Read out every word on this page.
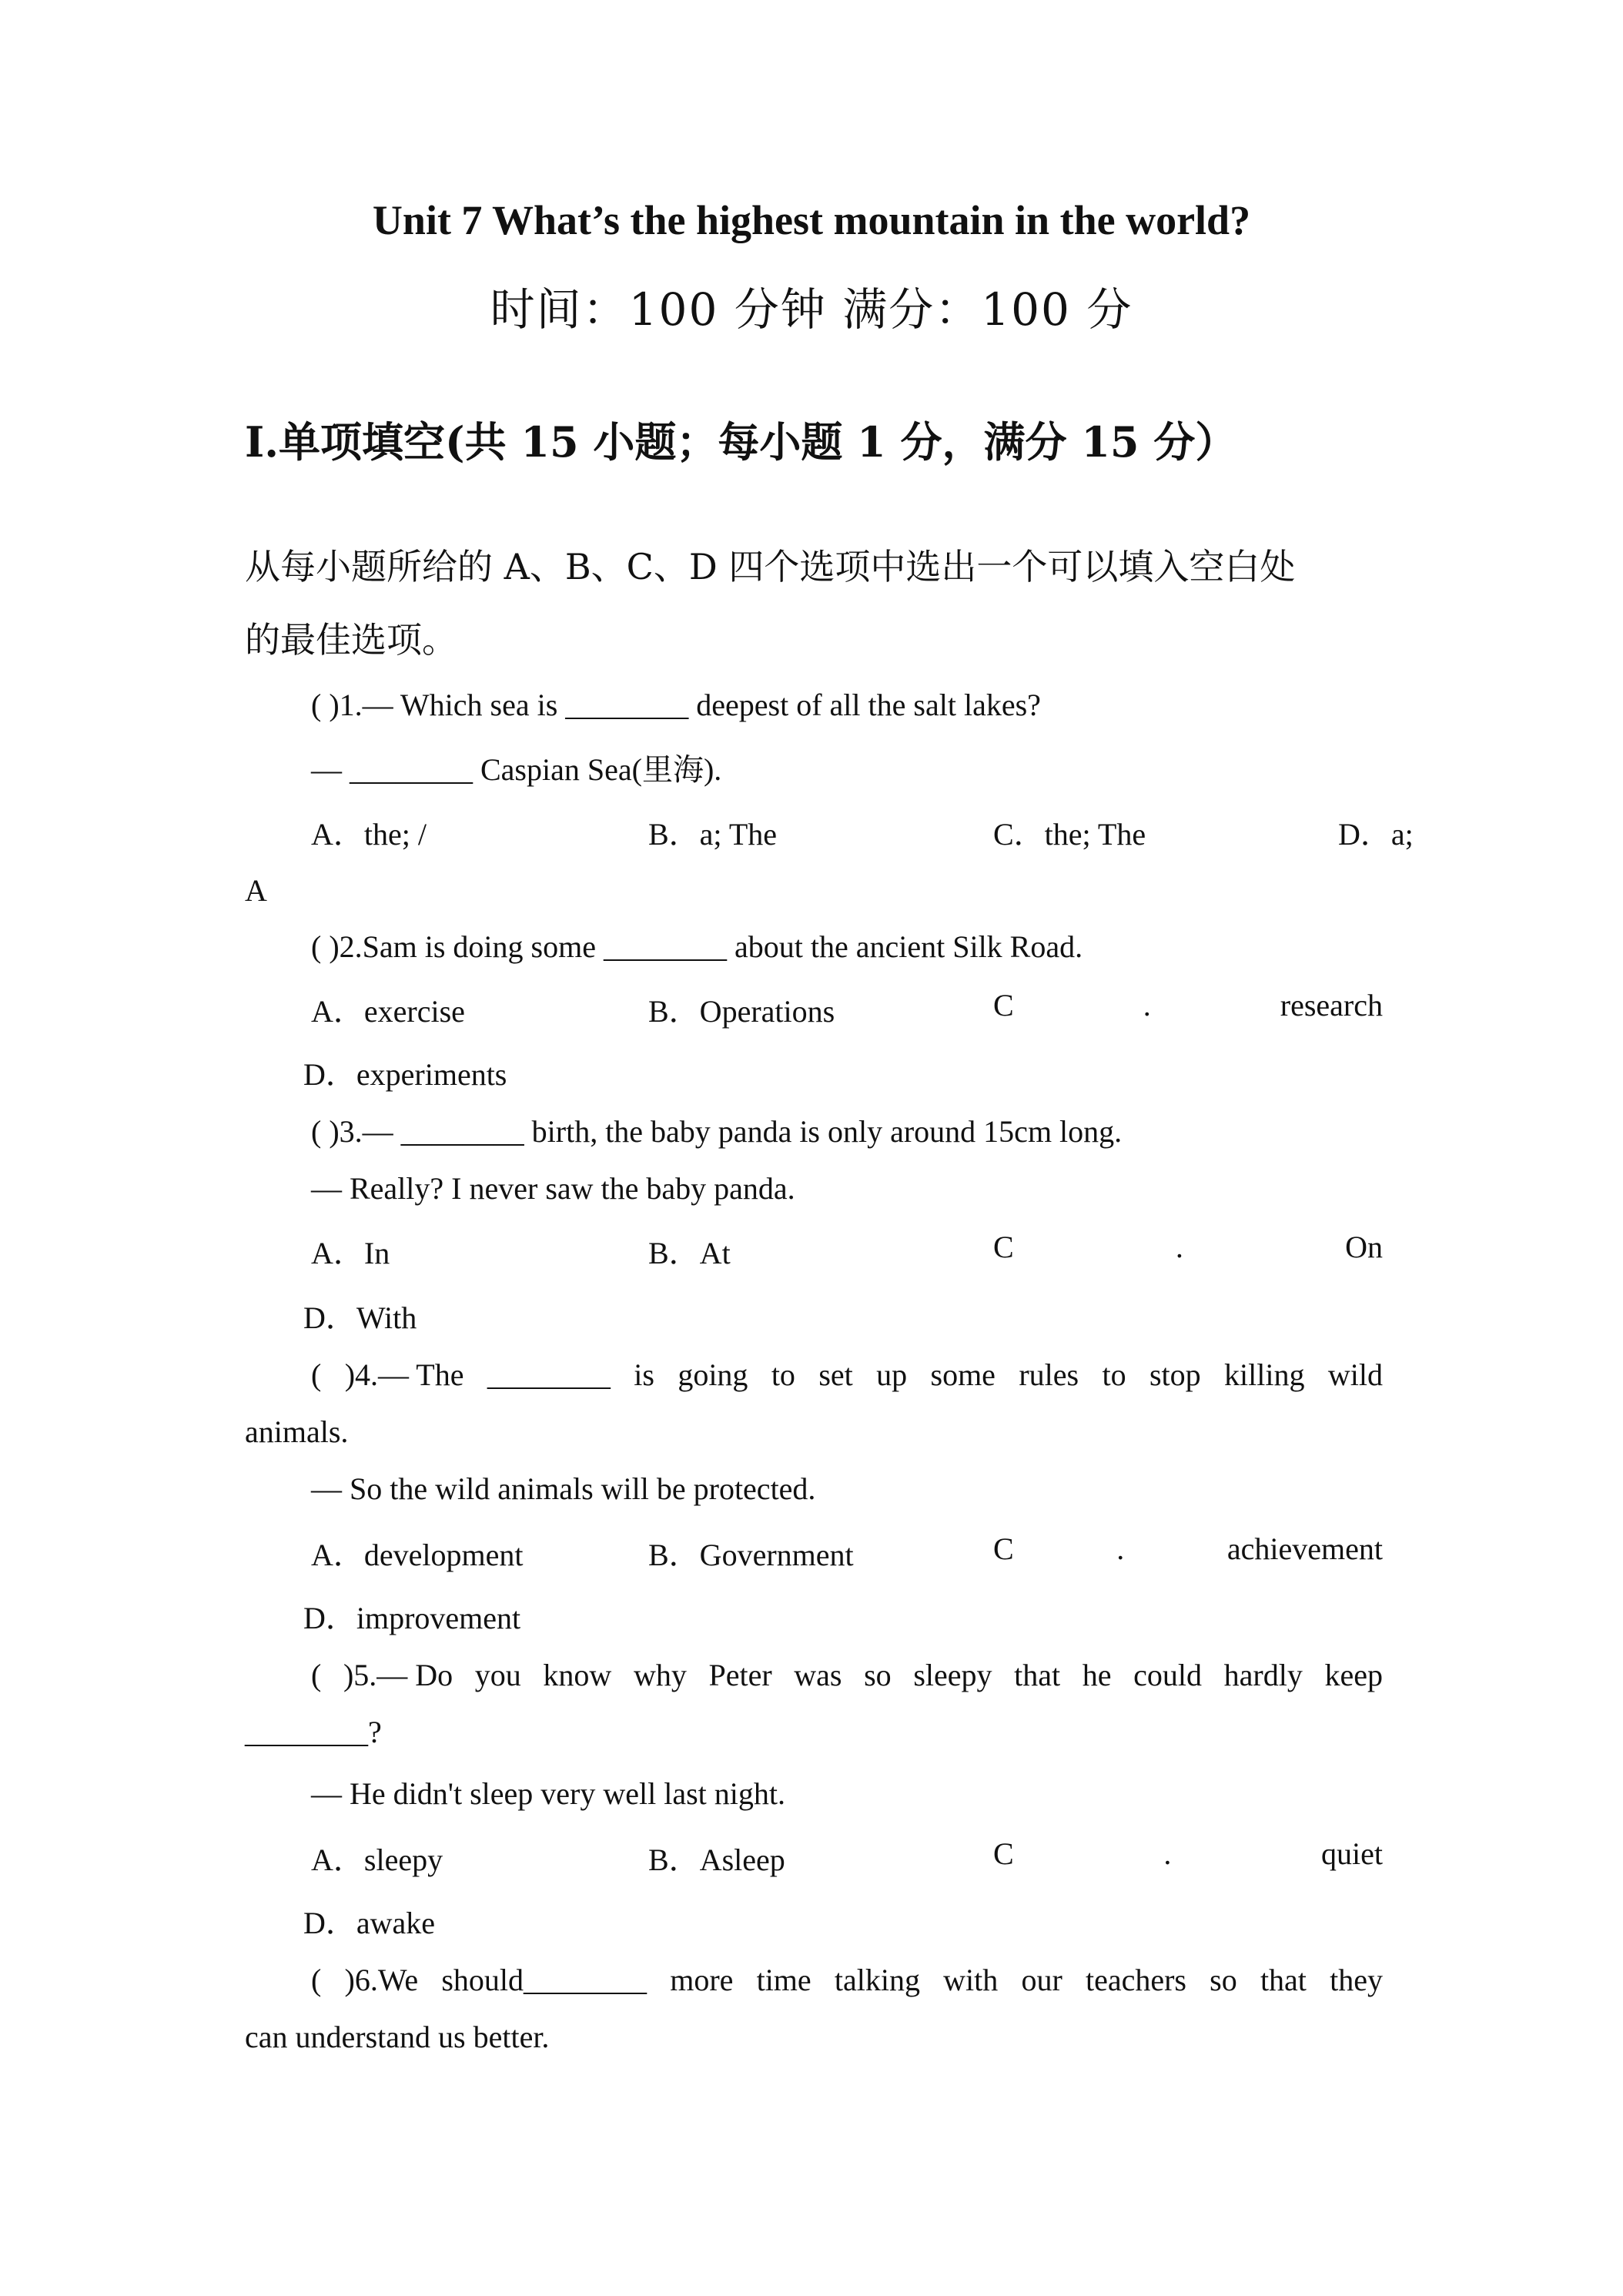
Unit 7 What’s the highest mountain in the world?
时间：100 分钟 满分：100 分
Ⅰ.单项填空(共 15 小题；每小题 1 分，满分 15 分）
从每小题所给的 A、B、C、D 四个选项中选出一个可以填入空白处
的最佳选项。
( )1.— Which sea is ________ deepest of all the salt lakes?
— ________ Caspian Sea(里海).
A．the; /	B．a; The	C．the; The	D．a;
A
( )2.Sam is doing some ________ about the ancient Silk Road.
A．exercise	B．Operations	C	.	research
D．experiments
( )3.— ________ birth, the baby panda is only around 15cm long.
— Really? I never saw the baby panda.
A．In	B．At	C	.	On
D．With
( )4.— The ________ is going to set up some rules to stop killing wild
animals.
— So the wild animals will be protected.
A．development	B．Government	C	.	achievement
D．improvement
( )5.— Do you know why Peter was so sleepy that he could hardly keep
________?
— He didn't sleep very well last night.
A．sleepy	B．Asleep	C	.	quiet
D．awake
( )6.We should________ more time talking with our teachers so that they
can understand us better.
